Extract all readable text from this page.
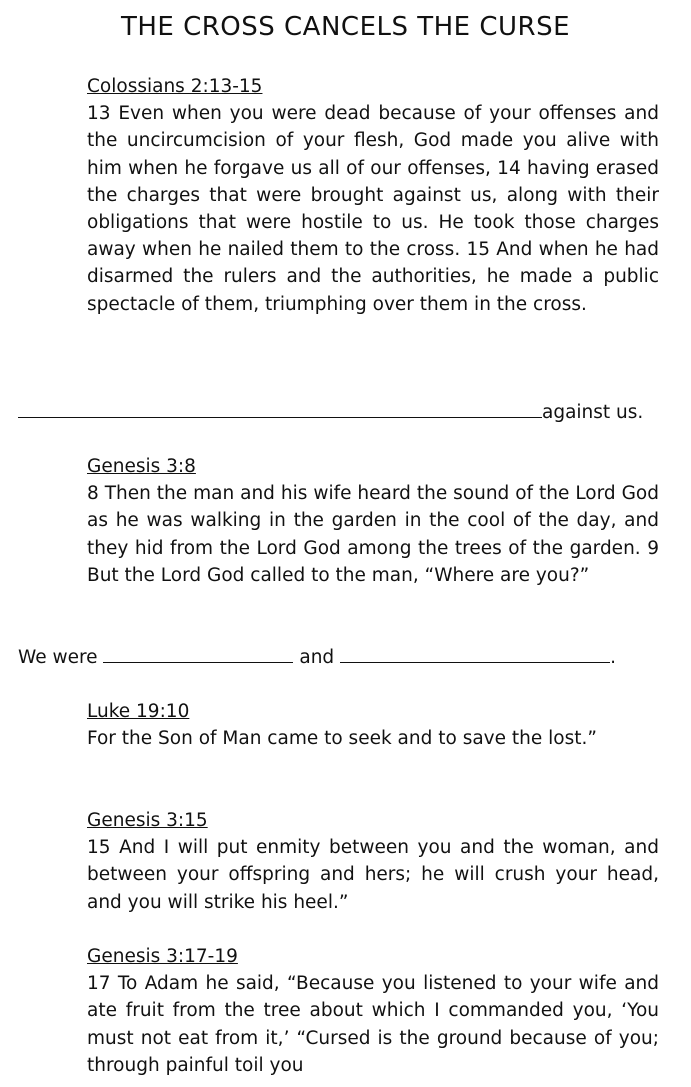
THE CROSS CANCELS THE CURSE
Colossians 2:13-15
13 Even when you were dead because of your offenses and the uncircumcision of your flesh, God made you alive with him when he forgave us all of our offenses, 14 having erased the charges that were brought against us, along with their obligations that were hostile to us. He took those charges away when he nailed them to the cross. 15 And when he had disarmed the rulers and the authorities, he made a public spectacle of them, triumphing over them in the cross.
against us.
Genesis 3:8
8 Then the man and his wife heard the sound of the Lord God as he was walking in the garden in the cool of the day, and they hid from the Lord God among the trees of the garden. 9 But the Lord God called to the man, “Where are you?”
We were	and	.
Luke 19:10
For the Son of Man came to seek and to save the lost.”
Genesis 3:15
15 And I will put enmity between you and the woman, and between your offspring and hers; he will crush your head, and you will strike his heel.”
Genesis 3:17-19
17 To Adam he said, “Because you listened to your wife and ate fruit from the tree about which I commanded you, ‘You must not eat from it,’ “Cursed is the ground because of you; through painful toil you
